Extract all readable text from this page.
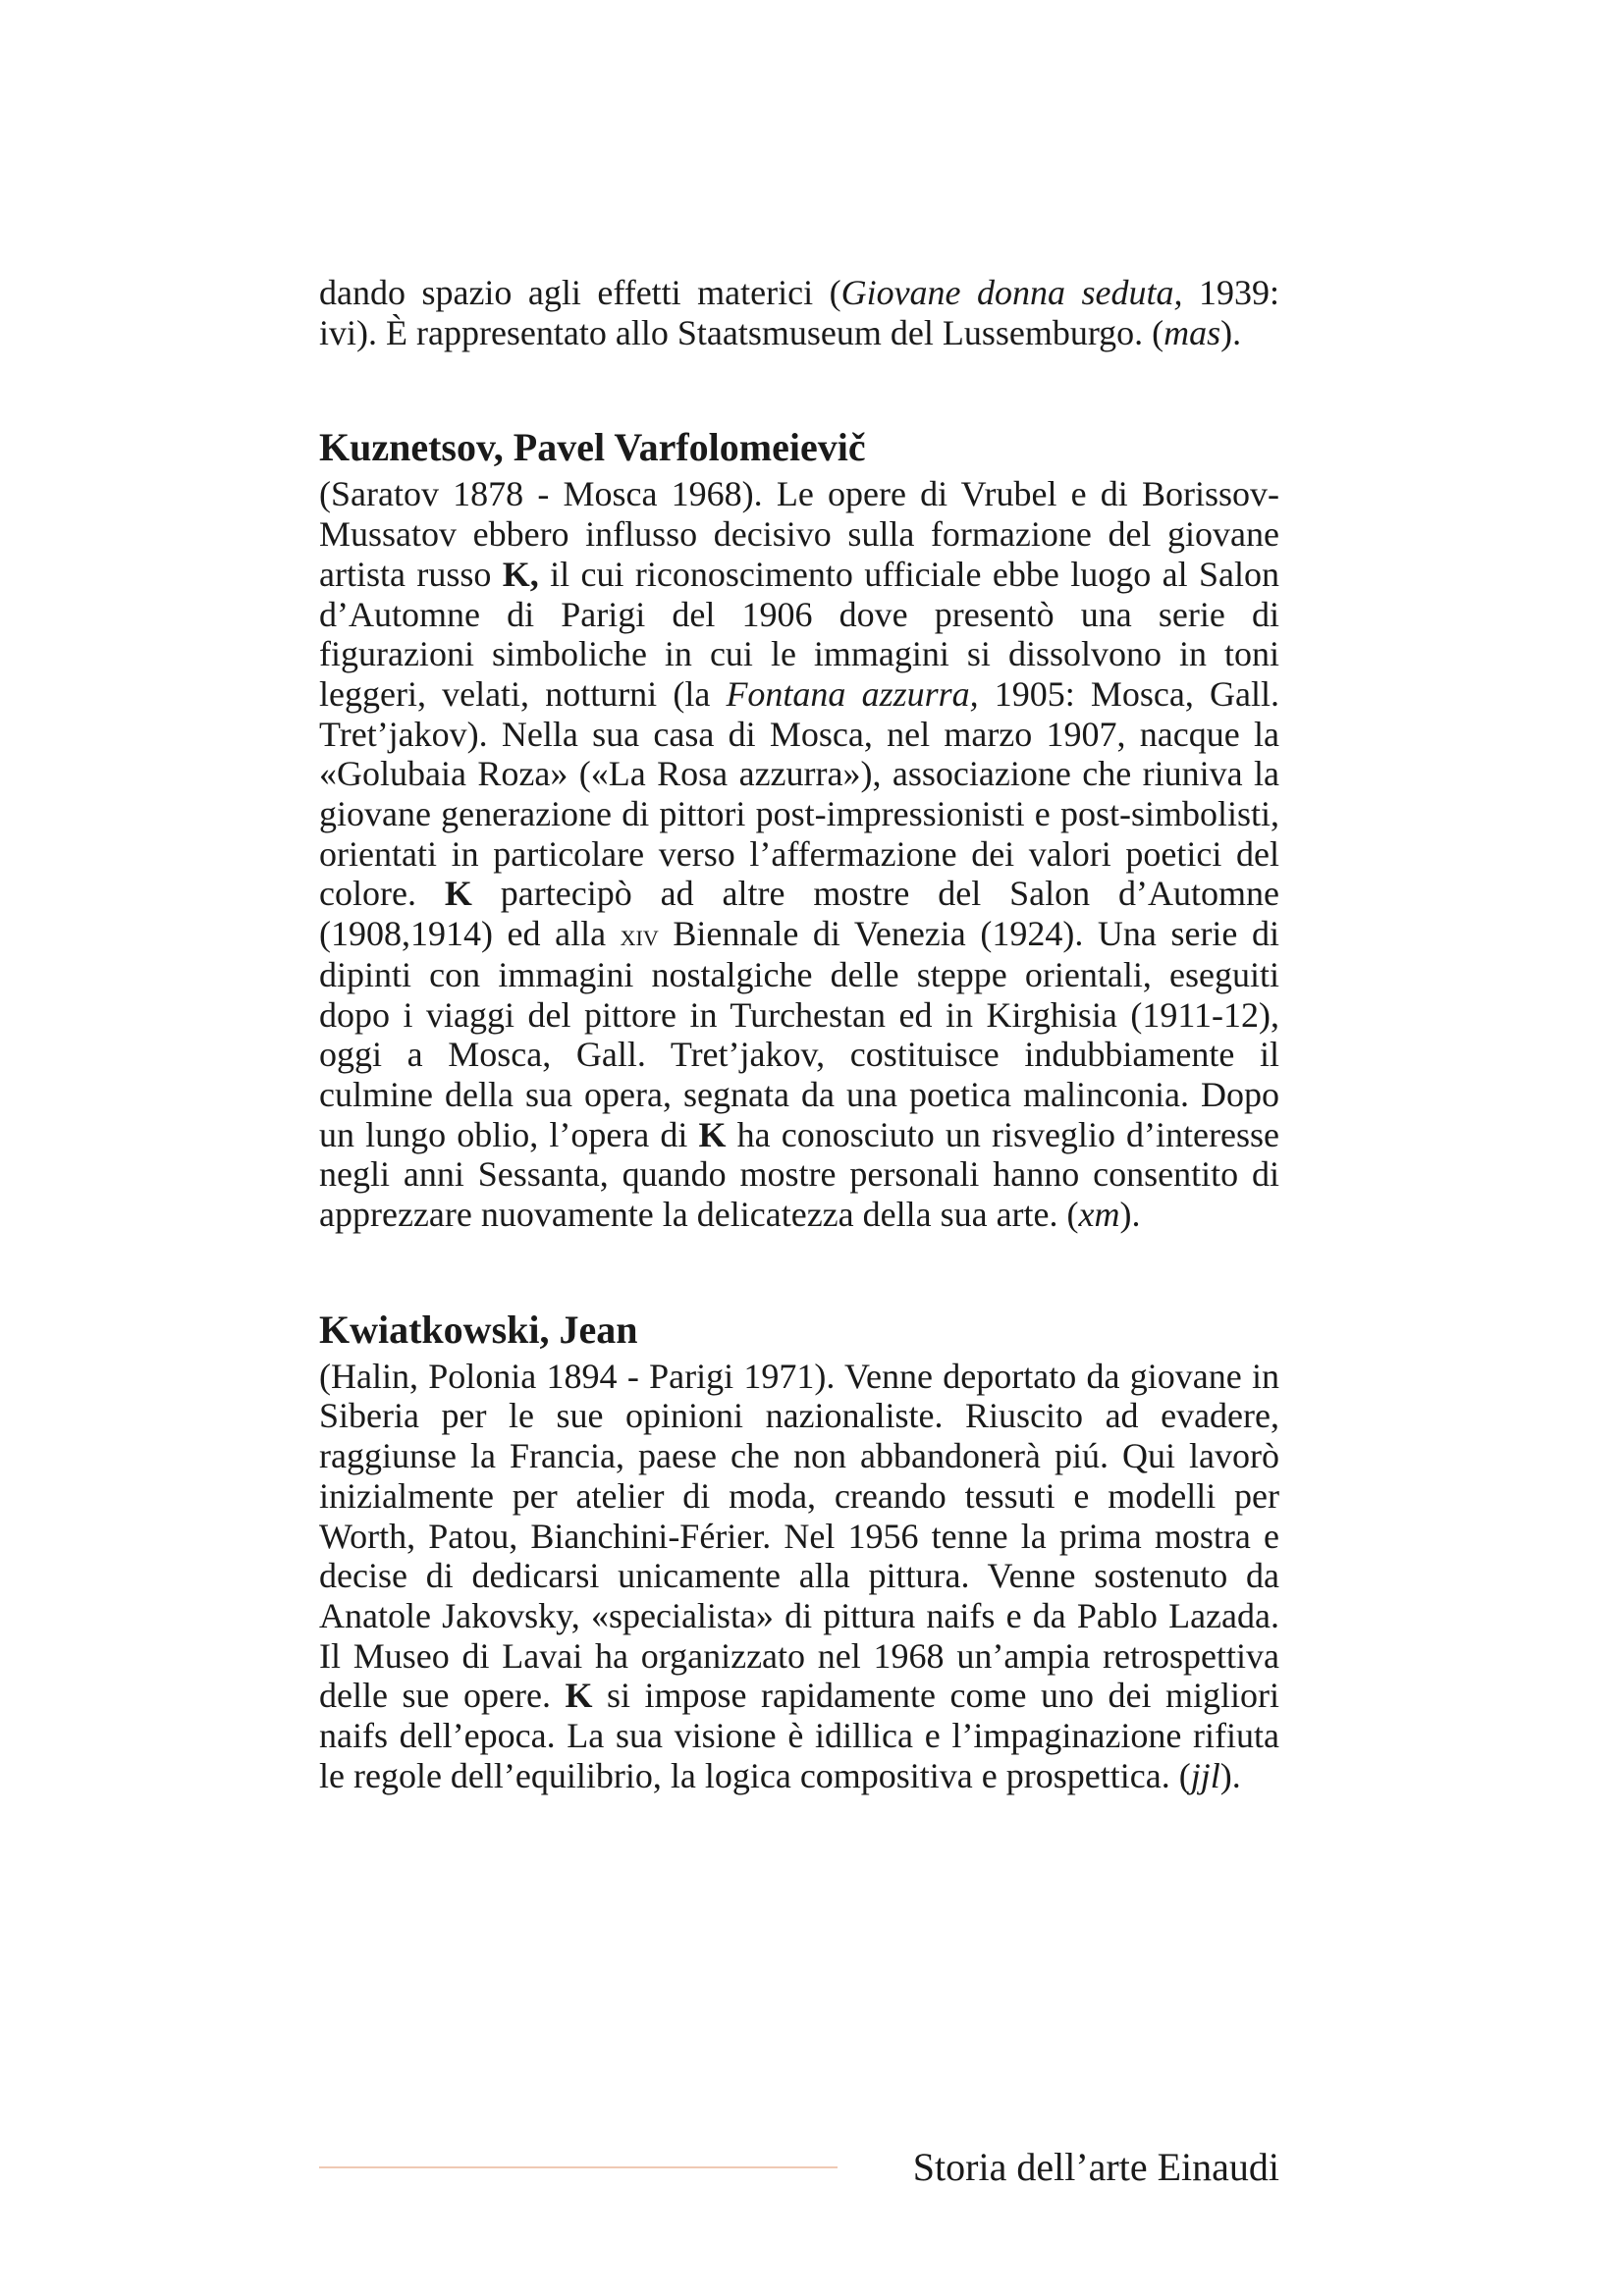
dando spazio agli effetti materici (Giovane donna seduta, 1939: ivi). È rappresentato allo Staatsmuseum del Lussemburgo. (mas).

Kuznetsov, Pavel Varfolomeievič

(Saratov 1878 - Mosca 1968). Le opere di Vrubel e di Borissov-Mussatov ebbero influsso decisivo sulla formazione del giovane artista russo K, il cui riconoscimento ufficiale ebbe luogo al Salon d’Automne di Parigi del 1906 dove presentò una serie di figurazioni simboliche in cui le immagini si dissolvono in toni leggeri, velati, notturni (la Fontana azzurra, 1905: Mosca, Gall. Tret’jakov). Nella sua casa di Mosca, nel marzo 1907, nacque la «Golubaia Roza» («La Rosa azzurra»), associazione che riuniva la giovane generazione di pittori post-impressionisti e post-simbolisti, orientati in particolare verso l’affermazione dei valori poetici del colore. K partecipò ad altre mostre del Salon d’Automne (1908,1914) ed alla xiv Biennale di Venezia (1924). Una serie di dipinti con immagini nostalgiche delle steppe orientali, eseguiti dopo i viaggi del pittore in Turchestan ed in Kirghisia (1911-12), oggi a Mosca, Gall. Tret’jakov, costituisce indubbiamente il culmine della sua opera, segnata da una poetica malinconia. Dopo un lungo oblio, l’opera di K ha conosciuto un risveglio d’interesse negli anni Sessanta, quando mostre personali hanno consentito di apprezzare nuovamente la delicatezza della sua arte. (xm).

Kwiatkowski, Jean

(Halin, Polonia 1894 - Parigi 1971). Venne deportato da giovane in Siberia per le sue opinioni nazionaliste. Riuscito ad evadere, raggiunse la Francia, paese che non abbandonerà piú. Qui lavorò inizialmente per atelier di moda, creando tessuti e modelli per Worth, Patou, Bianchini-Férier. Nel 1956 tenne la prima mostra e decise di dedicarsi unicamente alla pittura. Venne sostenuto da Anatole Jakovsky, «specialista» di pittura naifs e da Pablo Lazada. Il Museo di Lavai ha organizzato nel 1968 un’ampia retrospettiva delle sue opere. K si impose rapidamente come uno dei migliori naifs dell’epoca. La sua visione è idillica e l’impaginazione rifiuta le regole dell’equilibrio, la logica compositiva e prospettica. (jjl).

Storia dell’arte Einaudi
